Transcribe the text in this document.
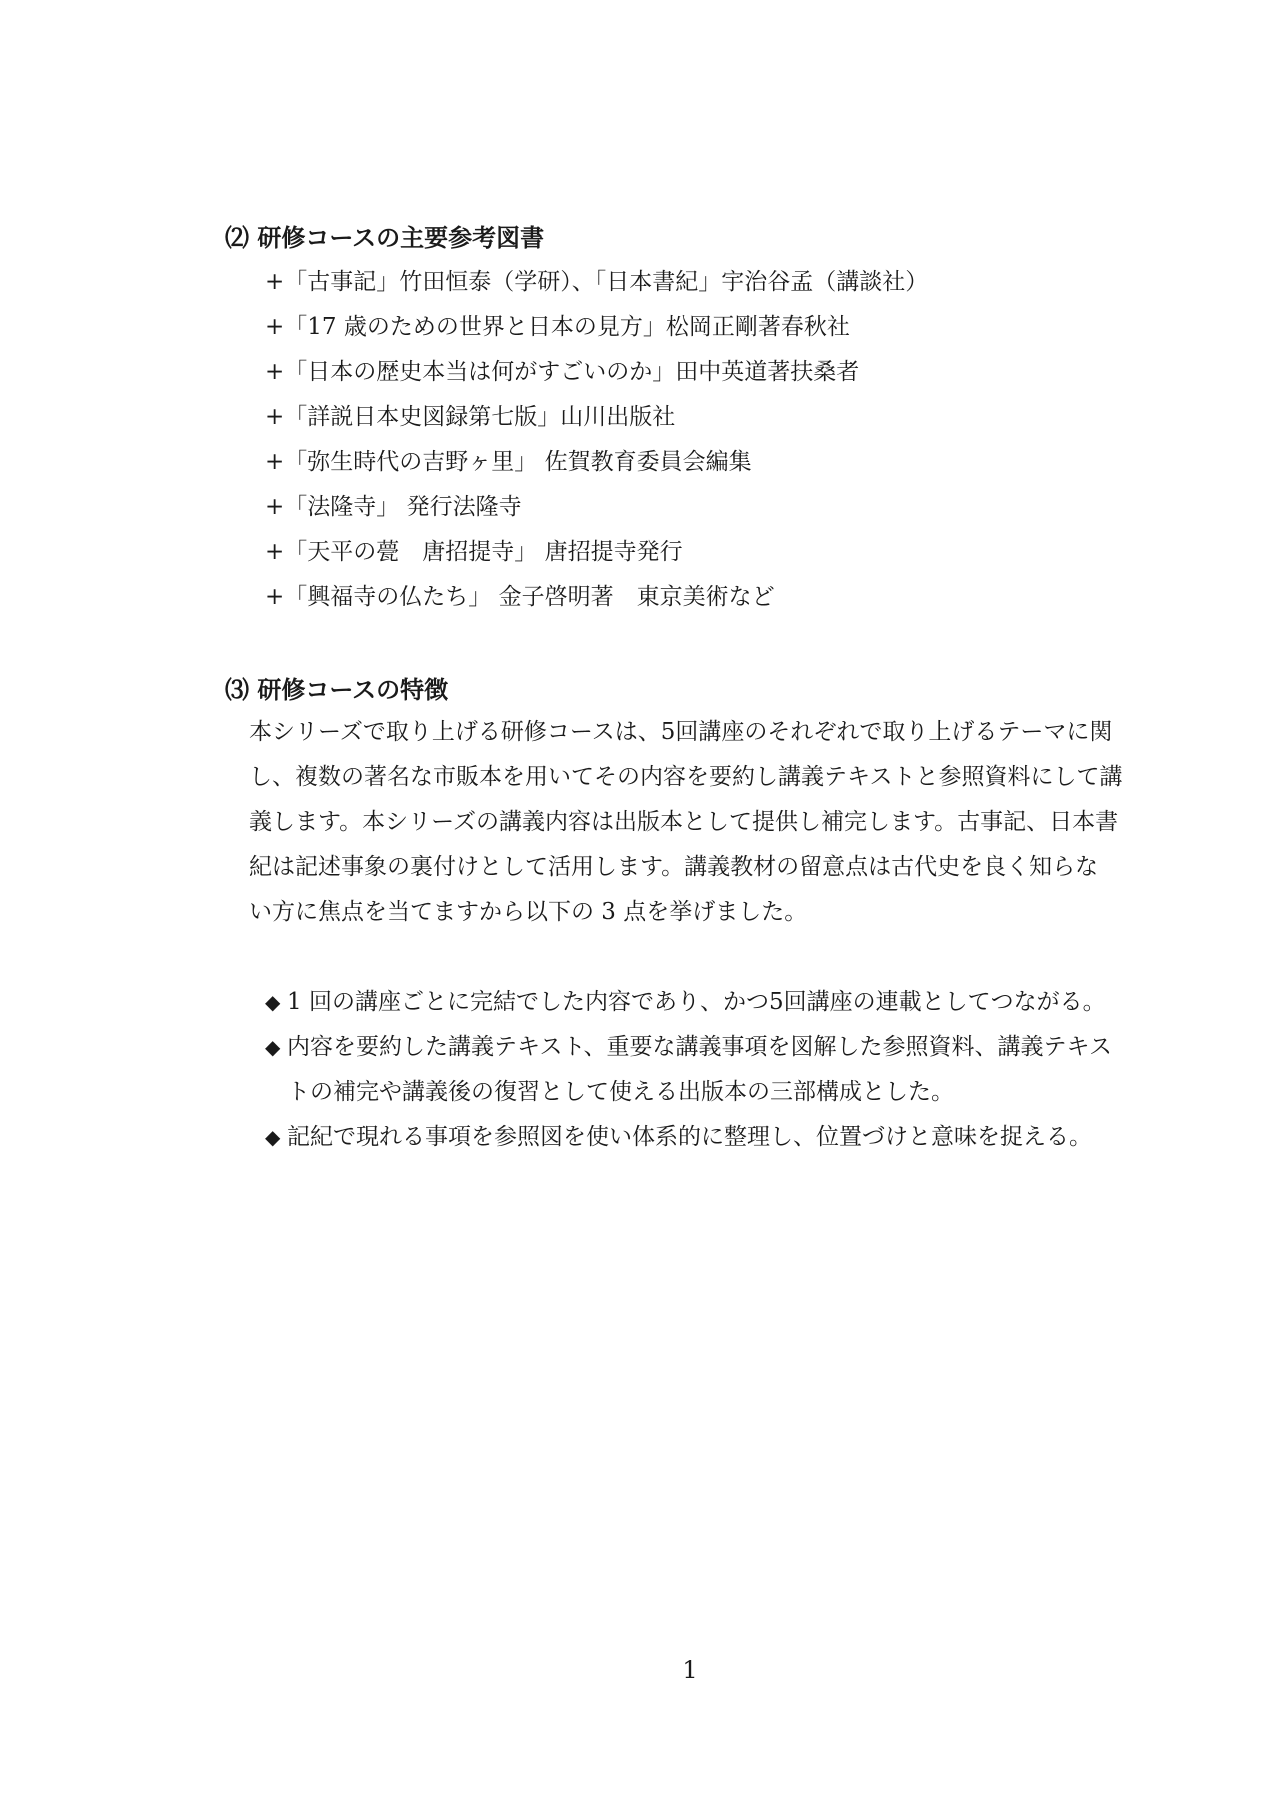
⑵ 研修コースの主要参考図書
+「古事記」竹田恒泰（学研）、「日本書紀」宇治谷孟（講談社）
+「17 歳のための世界と日本の見方」松岡正剛著春秋社
+「日本の歴史本当は何がすごいのか」田中英道著扶桑者
+「詳説日本史図録第七版」山川出版社
+「弥生時代の吉野ヶ里」 佐賀教育委員会編集
+「法隆寺」 発行法隆寺
+「天平の甍　唐招提寺」 唐招提寺発行
+「興福寺の仏たち」 金子啓明著　東京美術など
⑶ 研修コースの特徴

本シリーズで取り上げる研修コースは、5回講座のそれぞれで取り上げるテーマに関
し、複数の著名な市販本を用いてその内容を要約し講義テキストと参照資料にして講
義します。本シリーズの講義内容は出版本として提供し補完します。古事記、日本書
紀は記述事象の裏付けとして活用します。講義教材の留意点は古代史を良く知らな
い方に焦点を当てますから以下の 3 点を挙げました。

◆ 1 回の講座ごとに完結でした内容であり、かつ5回講座の連載としてつながる。
◆ 内容を要約した講義テキスト、重要な講義事項を図解した参照資料、講義テキス
トの補完や講義後の復習として使える出版本の三部構成とした。
◆ 記紀で現れる事項を参照図を使い体系的に整理し、位置づけと意味を捉える。
1
